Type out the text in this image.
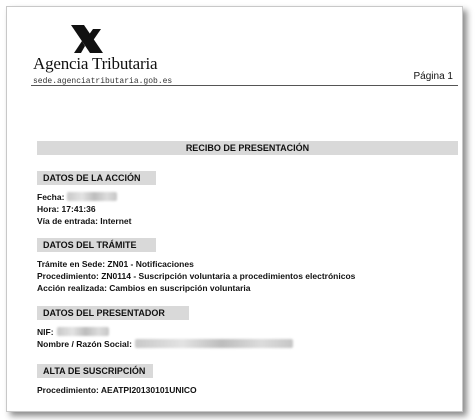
Agencia Tributaria
sede.agenciatributaria.gob.es	Página 1
RECIBO DE PRESENTACIÓN
DATOS DE LA ACCIÓN
Fecha:
Hora: 17:41:36
Vía de entrada: Internet
DATOS DEL TRÁMITE
Trámite en Sede: ZN01 - Notificaciones
Procedimiento: ZN0114 - Suscripción voluntaria a procedimientos electrónicos
Acción realizada: Cambios en suscripción voluntaria
DATOS DEL PRESENTADOR
NIF:
Nombre / Razón Social:
ALTA DE SUSCRIPCIÓN
Procedimiento: AEATPI20130101UNICO
